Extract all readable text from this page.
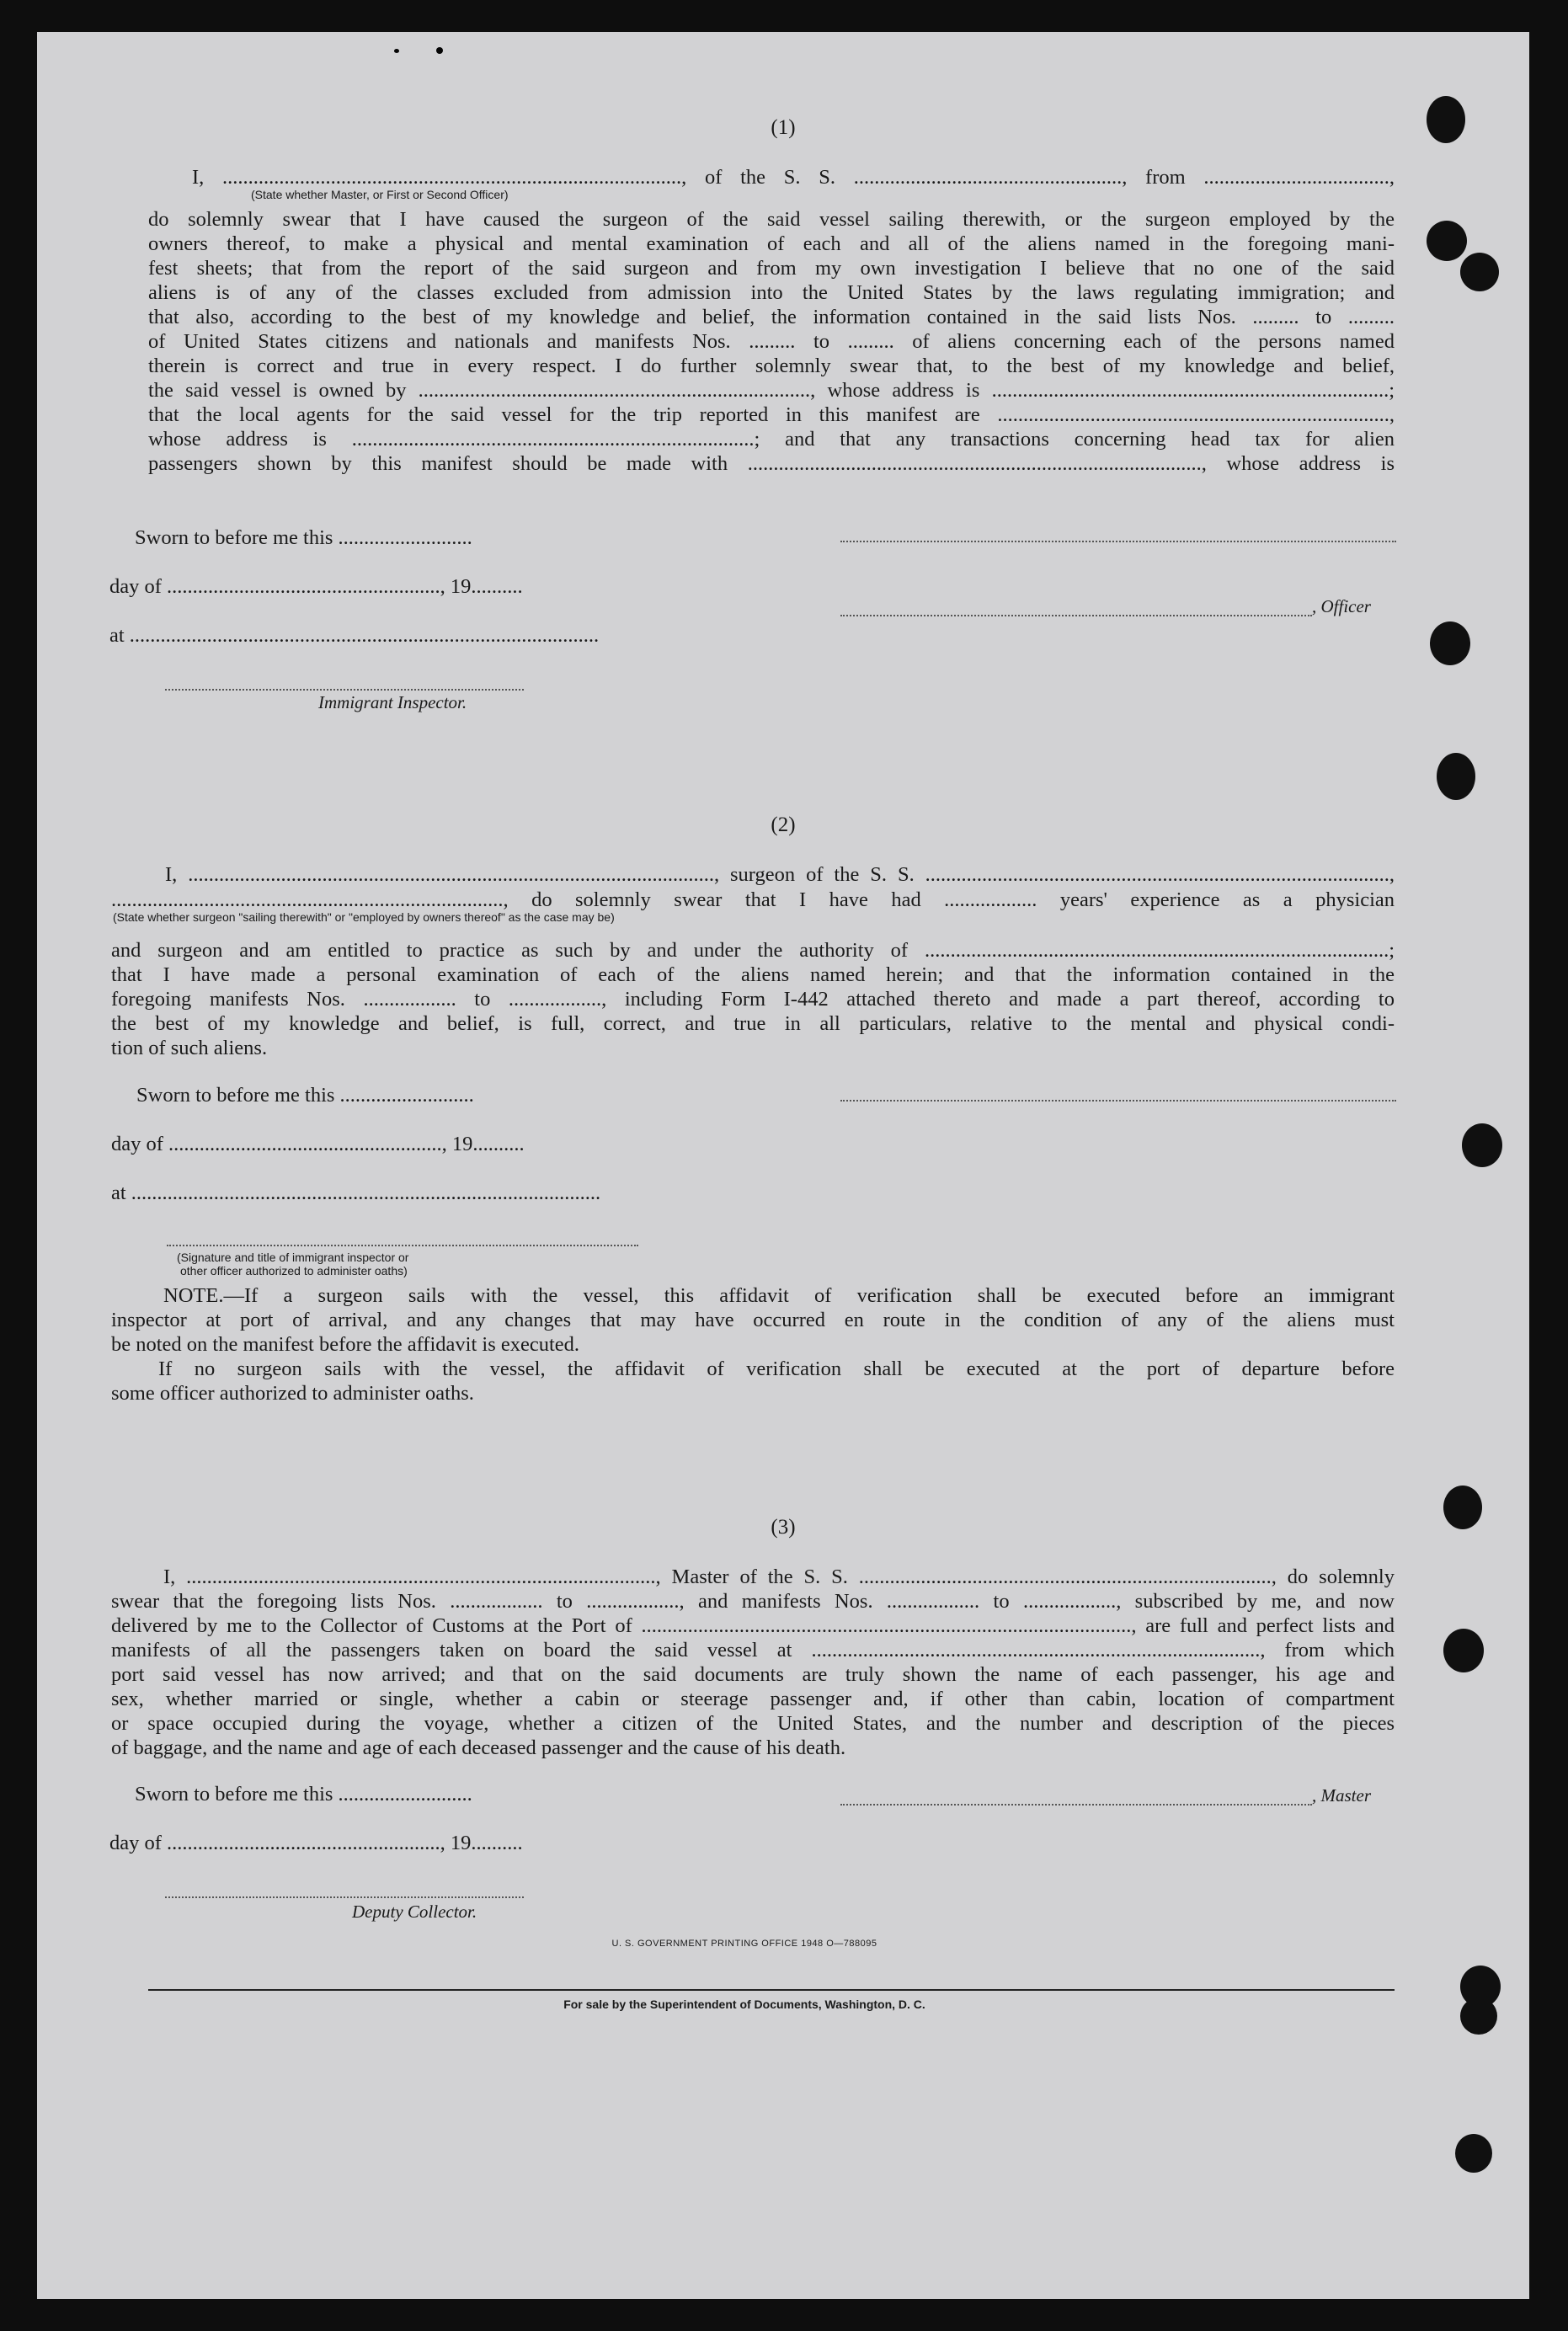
(1)
I, ........................................................................................., of the S. S. ...................................................., from ....................................,
(State whether Master, or First or Second Officer)
do solemnly swear that I have caused the surgeon of the said vessel sailing therewith, or the surgeon employed by the
owners thereof, to make a physical and mental examination of each and all of the aliens named in the foregoing mani-
fest sheets; that from the report of the said surgeon and from my own investigation I believe that no one of the said
aliens is of any of the classes excluded from admission into the United States by the laws regulating immigration; and
that also, according to the best of my knowledge and belief, the information contained in the said lists Nos. ......... to .........
of United States citizens and nationals and manifests Nos. ......... to ......... of aliens concerning each of the persons named
therein is correct and true in every respect. I do further solemnly swear that, to the best of my knowledge and belief,
the said vessel is owned by ............................................................................, whose address is .............................................................................;
that the local agents for the said vessel for the trip reported in this manifest are ............................................................................,
whose address is ..............................................................................; and that any transactions concerning head tax for alien
passengers shown by this manifest should be made with ........................................................................................, whose address is
Sworn to before me this ..........................
day of ....................................................., 19..........
, Officer
at ...........................................................................................
Immigrant Inspector.
(2)
I, ......................................................................................................, surgeon of the S. S. ..........................................................................................,
............................................................................, do solemnly swear that I have had .................. years' experience as a physician
(State whether surgeon "sailing therewith" or "employed by owners thereof" as the case may be)
and surgeon and am entitled to practice as such by and under the authority of ..........................................................................................;
that I have made a personal examination of each of the aliens named herein; and that the information contained in the
foregoing manifests Nos. .................. to .................., including Form I-442 attached thereto and made a part thereof, according to
the best of my knowledge and belief, is full, correct, and true in all particulars, relative to the mental and physical condi-
tion of such aliens.
Sworn to before me this ..........................
day of ....................................................., 19..........
at ...........................................................................................
(Signature and title of immigrant inspector or
other officer authorized to administer oaths)
NOTE.—If a surgeon sails with the vessel, this affidavit of verification shall be executed before an immigrant
inspector at port of arrival, and any changes that may have occurred en route in the condition of any of the aliens must
be noted on the manifest before the affidavit is executed.
If no surgeon sails with the vessel, the affidavit of verification shall be executed at the port of departure before
some officer authorized to administer oaths.
(3)
I, ..........................................................................................., Master of the S. S. ................................................................................, do solemnly
swear that the foregoing lists Nos. .................. to .................., and manifests Nos. .................. to .................., subscribed by me, and now
delivered by me to the Collector of Customs at the Port of ..............................................................................................., are full and perfect lists and
manifests of all the passengers taken on board the said vessel at ......................................................................................., from which
port said vessel has now arrived; and that on the said documents are truly shown the name of each passenger, his age and
sex, whether married or single, whether a cabin or steerage passenger and, if other than cabin, location of compartment
or space occupied during the voyage, whether a citizen of the United States, and the number and description of the pieces
of baggage, and the name and age of each deceased passenger and the cause of his death.
Sworn to before me this ..........................	, Master
day of ....................................................., 19..........
Deputy Collector.
U. S. GOVERNMENT PRINTING OFFICE 1948 O—788095
For sale by the Superintendent of Documents, Washington, D. C.
